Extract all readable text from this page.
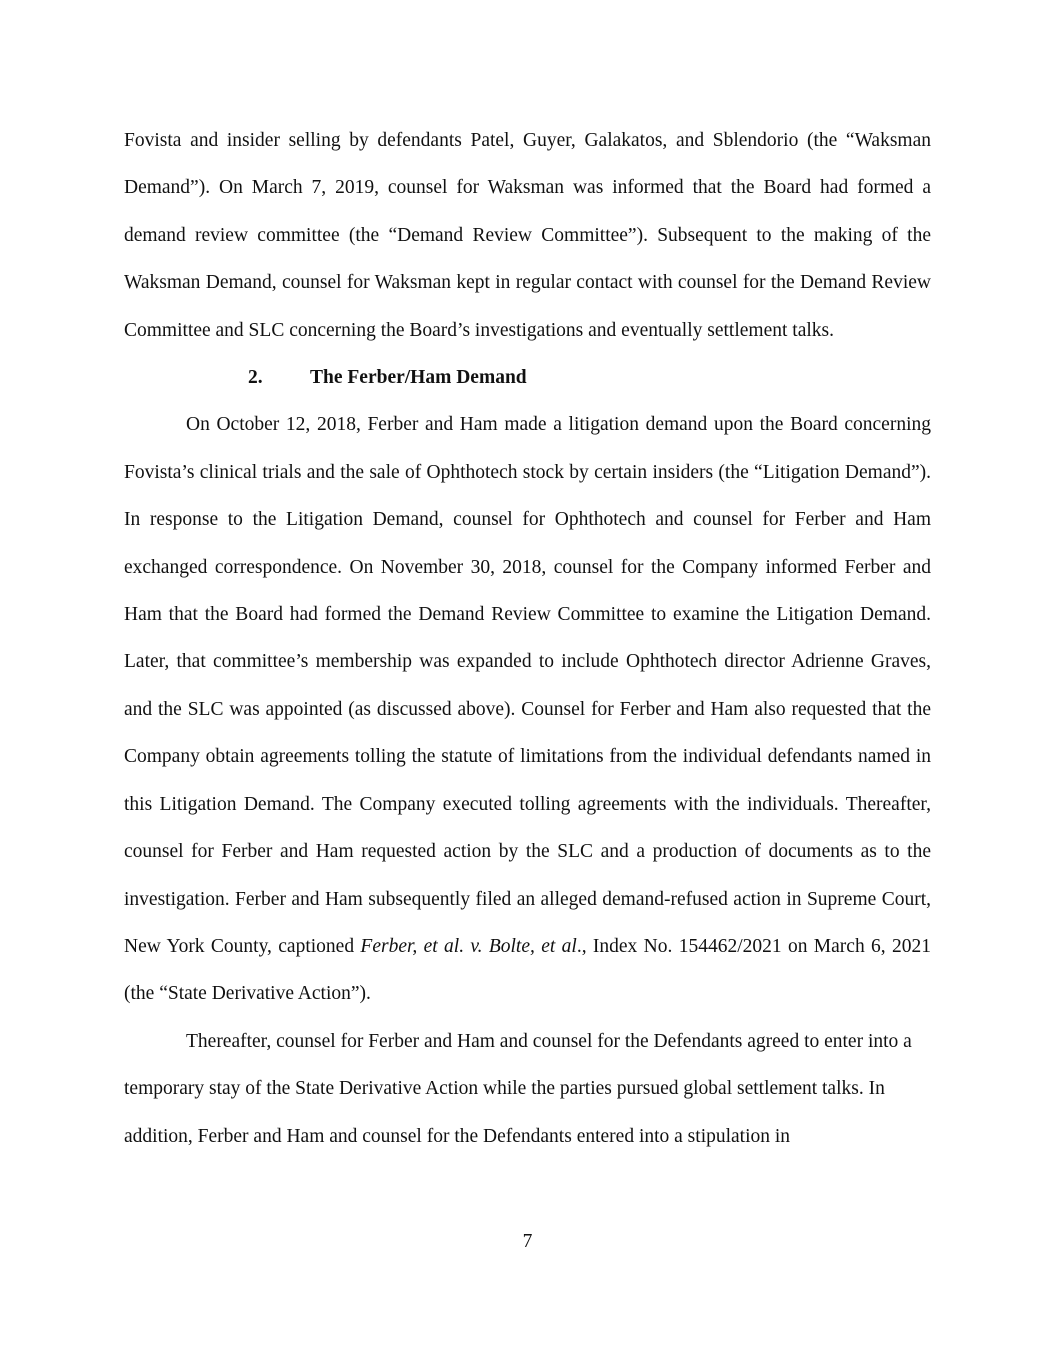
Fovista and insider selling by defendants Patel, Guyer, Galakatos, and Sblendorio (the “Waksman Demand”). On March 7, 2019, counsel for Waksman was informed that the Board had formed a demand review committee (the “Demand Review Committee”). Subsequent to the making of the Waksman Demand, counsel for Waksman kept in regular contact with counsel for the Demand Review Committee and SLC concerning the Board’s investigations and eventually settlement talks.

2. The Ferber/Ham Demand

On October 12, 2018, Ferber and Ham made a litigation demand upon the Board concerning Fovista’s clinical trials and the sale of Ophthotech stock by certain insiders (the “Litigation Demand”). In response to the Litigation Demand, counsel for Ophthotech and counsel for Ferber and Ham exchanged correspondence. On November 30, 2018, counsel for the Company informed Ferber and Ham that the Board had formed the Demand Review Committee to examine the Litigation Demand. Later, that committee’s membership was expanded to include Ophthotech director Adrienne Graves, and the SLC was appointed (as discussed above). Counsel for Ferber and Ham also requested that the Company obtain agreements tolling the statute of limitations from the individual defendants named in this Litigation Demand. The Company executed tolling agreements with the individuals. Thereafter, counsel for Ferber and Ham requested action by the SLC and a production of documents as to the investigation. Ferber and Ham subsequently filed an alleged demand-refused action in Supreme Court, New York County, captioned Ferber, et al. v. Bolte, et al., Index No. 154462/2021 on March 6, 2021 (the “State Derivative Action”).

Thereafter, counsel for Ferber and Ham and counsel for the Defendants agreed to enter into a temporary stay of the State Derivative Action while the parties pursued global settlement talks. In addition, Ferber and Ham and counsel for the Defendants entered into a stipulation in

7
